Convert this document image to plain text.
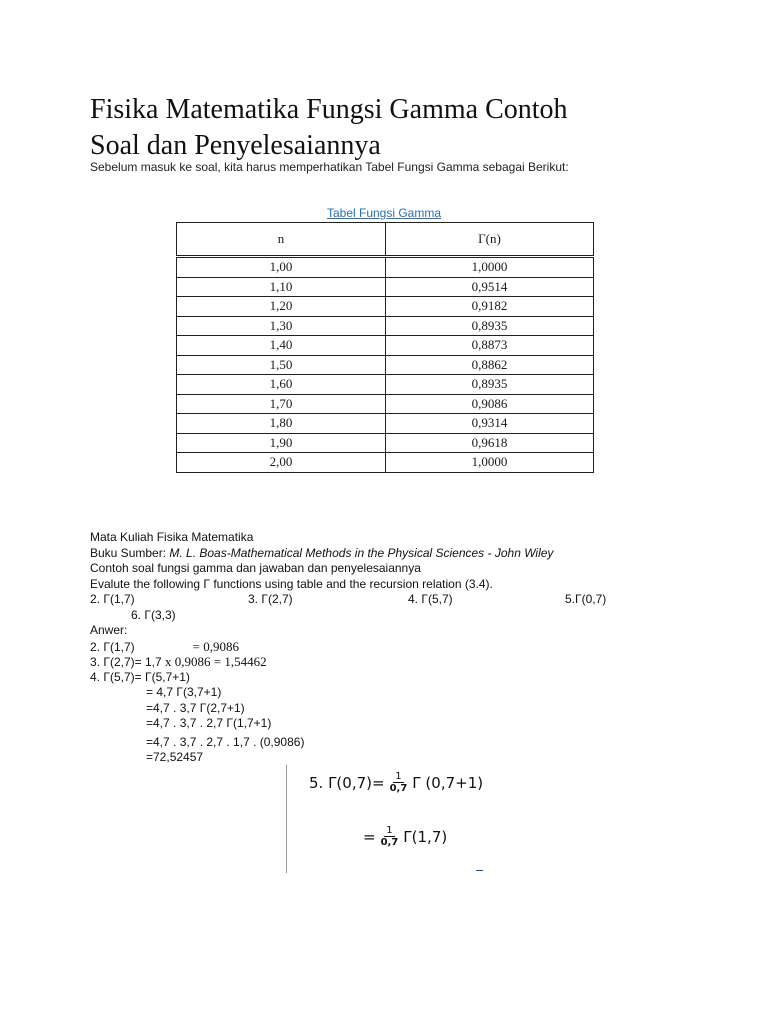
Fisika Matematika Fungsi Gamma Contoh
Soal dan Penyelesaiannya
Sebelum masuk ke soal, kita harus memperhatikan Tabel Fungsi Gamma sebagai Berikut:
Tabel Fungsi Gamma
n	Γ(n)
1,00	1,0000
1,10	0,9514
1,20	0,9182
1,30	0,8935
1,40	0,8873
1,50	0,8862
1,60	0,8935
1,70	0,9086
1,80	0,9314
1,90	0,9618
2,00	1,0000
Mata Kuliah Fisika Matematika
Buku Sumber: M. L. Boas-Mathematical Methods in the Physical Sciences - John Wiley
Contoh soal fungsi gamma dan jawaban dan penyelesaiannya
Evalute the following Γ functions using table and the recursion relation (3.4).
2. Γ(1,7)	3. Γ(2,7)	4. Γ(5,7)	5.Γ(0,7)
6. Γ(3,3)
Anwer:
2. Γ(1,7)	= 0,9086
3. Γ(2,7)= 1,7 x 0,9086 = 1,54462
4. Γ(5,7)= Γ(5,7+1)
= 4,7 Γ(3,7+1)
=4,7 . 3,7 Γ(2,7+1)
=4,7 . 3,7 . 2,7 Γ(1,7+1)
=4,7 . 3,7 . 2,7 . 1,7 . (0,9086)
=72,52457
5. $\Gamma(0,7)= \frac{1}{0,7}$ Γ (0,7+1)
= $\frac{1}{0,7} \Gamma(1,7)$
